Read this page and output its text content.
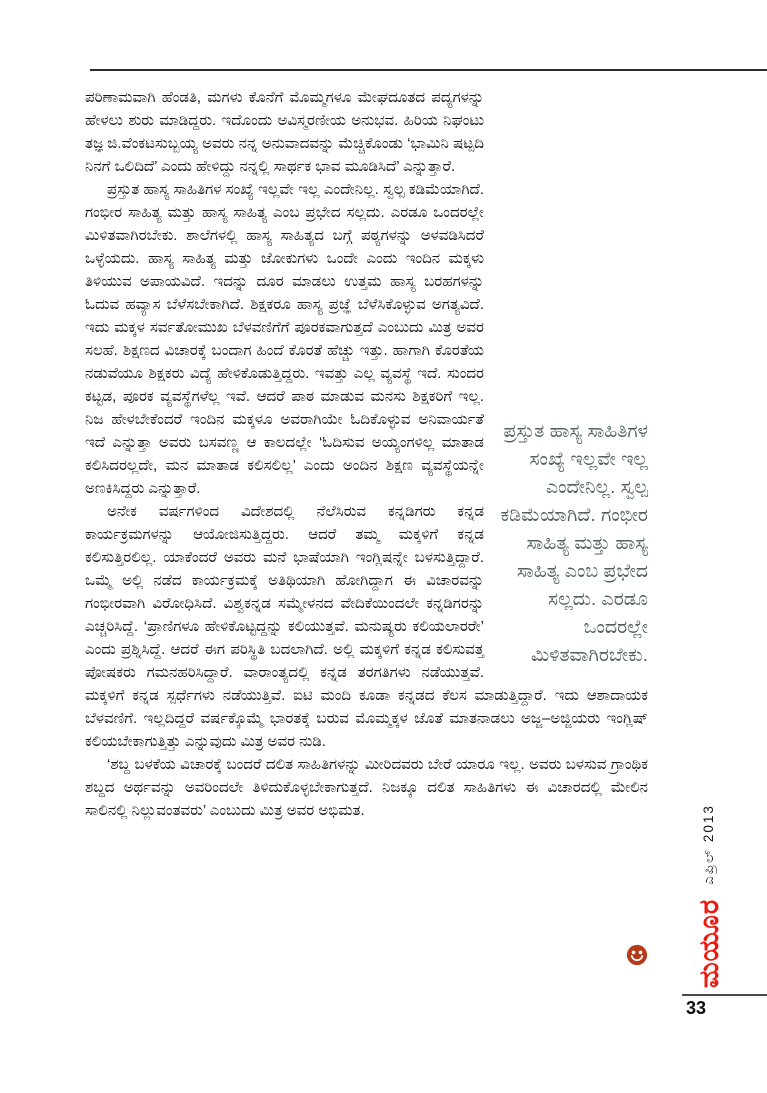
ಪ್ರಸ್ತುತ ಹಾಸ್ಯ ಸಾಹಿತಿಗಳ ಸಂಖ್ಯೆ ಇಲ್ಲವೇ ಇಲ್ಲ ಎಂದೇನಿಲ್ಲ. ಸ್ವಲ್ಪ ಕಡಿಮೆಯಾಗಿದೆ. ಗಂಭೀರ ಸಾಹಿತ್ಯ ಮತ್ತು ಹಾಸ್ಯ ಸಾಹಿತ್ಯ ಎಂಬ ಪ್ರಭೇದ ಸಲ್ಲದು. ಎರಡೂ ಒಂದರಲ್ಲೇ ಮಿಳಿತವಾಗಿರಬೇಕು.

ಪರಿಣಾಮವಾಗಿ ಹೆಂಡತಿ, ಮಗಳು ಕೊನೆಗೆ ಮೊಮ್ಮಗಳೂ ಮೇಘದೂತದ ಪದ್ಯಗಳನ್ನು ಹೇಳಲು ಶುರು ಮಾಡಿದ್ದರು. ಇದೊಂದು ಅವಿಸ್ಮರಣೀಯ ಅನುಭವ. ಹಿರಿಯ ನಿಘಂಟು ತಜ್ಞ ಜಿ.ವೆಂಕಟಸುಬ್ಬಯ್ಯ ಅವರು ನನ್ನ ಅನುವಾದವನ್ನು ಮೆಚ್ಚಿಕೊಂಡು ‘ಭಾಮಿನಿ ಷಟ್ಪದಿ ನಿನಗೆ ಒಲಿದಿದೆ’ ಎಂದು ಹೇಳಿದ್ದು ನನ್ನಲ್ಲಿ ಸಾರ್ಥಕ ಭಾವ ಮೂಡಿಸಿದೆ’ ಎನ್ನುತ್ತಾರೆ.

ಪ್ರಸ್ತುತ ಹಾಸ್ಯ ಸಾಹಿತಿಗಳ ಸಂಖ್ಯೆ ಇಲ್ಲವೇ ಇಲ್ಲ ಎಂದೇನಿಲ್ಲ. ಸ್ವಲ್ಪ ಕಡಿಮೆಯಾಗಿದೆ. ಗಂಭೀರ ಸಾಹಿತ್ಯ ಮತ್ತು ಹಾಸ್ಯ ಸಾಹಿತ್ಯ ಎಂಬ ಪ್ರಭೇದ ಸಲ್ಲದು. ಎರಡೂ ಒಂದರಲ್ಲೇ ಮಿಳಿತವಾಗಿರಬೇಕು. ಶಾಲೆಗಳಲ್ಲಿ ಹಾಸ್ಯ ಸಾಹಿತ್ಯದ ಬಗ್ಗೆ ಪಠ್ಯಗಳನ್ನು ಅಳವಡಿಸಿದರೆ ಒಳ್ಳೆಯದು. ಹಾಸ್ಯ ಸಾಹಿತ್ಯ ಮತ್ತು ಜೋಕುಗಳು ಒಂದೇ ಎಂದು ಇಂದಿನ ಮಕ್ಕಳು ತಿಳಿಯುವ ಅಪಾಯವಿದೆ. ಇದನ್ನು ದೂರ ಮಾಡಲು ಉತ್ತಮ ಹಾಸ್ಯ ಬರಹಗಳನ್ನು ಓದುವ ಹವ್ಯಾಸ ಬೆಳೆಸಬೇಕಾಗಿದೆ. ಶಿಕ್ಷಕರೂ ಹಾಸ್ಯ ಪ್ರಜ್ಞೆ ಬೆಳೆಸಿಕೊಳ್ಳುವ ಅಗತ್ಯವಿದೆ. ಇದು ಮಕ್ಕಳ ಸರ್ವತೋಮುಖ ಬೆಳವಣಿಗೆಗೆ ಪೂರಕವಾಗುತ್ತದೆ ಎಂಬುದು ಮಿತ್ರ ಅವರ ಸಲಹೆ. ಶಿಕ್ಷಣದ ವಿಚಾರಕ್ಕೆ ಬಂದಾಗ ಹಿಂದೆ ಕೊರತೆ ಹೆಚ್ಚು ಇತ್ತು. ಹಾಗಾಗಿ ಕೊರತೆಯ ನಡುವೆಯೂ ಶಿಕ್ಷಕರು ವಿದ್ಯೆ ಹೇಳಿಕೊಡುತ್ತಿದ್ದರು. ಇವತ್ತು ಎಲ್ಲ ವ್ಯವಸ್ಥೆ ಇದೆ. ಸುಂದರ ಕಟ್ಟಡ, ಪೂರಕ ವ್ಯವಸ್ಥೆಗಳೆಲ್ಲ ಇವೆ. ಆದರೆ ಪಾಠ ಮಾಡುವ ಮನಸು ಶಿಕ್ಷಕರಿಗೆ ಇಲ್ಲ. ನಿಜ ಹೇಳಬೇಕೆಂದರೆ ಇಂದಿನ ಮಕ್ಕಳೂ ಅವರಾಗಿಯೇ ಓದಿಕೊಳ್ಳುವ ಅನಿವಾರ್ಯತೆ ಇದೆ ಎನ್ನುತ್ತಾ ಅವರು ಬಸವಣ್ಣ ಆ ಕಾಲದಲ್ಲೇ ‘ಓದಿಸುವ ಅಯ್ಯಂಗಳಿಲ್ಲ ಮಾತಾಡ ಕಲಿಸಿದರಲ್ಲದೇ, ಮನ ಮಾತಾಡ ಕಲಿಸಲಿಲ್ಲ’ ಎಂದು ಅಂದಿನ ಶಿಕ್ಷಣ ವ್ಯವಸ್ಥೆಯನ್ನೇ ಅಣಕಿಸಿದ್ದರು ಎನ್ನುತ್ತಾರೆ.

ಅನೇಕ ವರ್ಷಗಳಿಂದ ವಿದೇಶದಲ್ಲಿ ನೆಲೆಸಿರುವ ಕನ್ನಡಿಗರು ಕನ್ನಡ ಕಾರ್ಯಕ್ರಮಗಳನ್ನು ಆಯೋಜಿಸುತ್ತಿದ್ದರು. ಆದರೆ ತಮ್ಮ ಮಕ್ಕಳಿಗೆ ಕನ್ನಡ ಕಲಿಸುತ್ತಿರಲಿಲ್ಲ. ಯಾಕೆಂದರೆ ಅವರು ಮನೆ ಭಾಷೆಯಾಗಿ ಇಂಗ್ಲಿಷನ್ನೇ ಬಳಸುತ್ತಿದ್ದಾರೆ. ಒಮ್ಮೆ ಅಲ್ಲಿ ನಡೆದ ಕಾರ್ಯಕ್ರಮಕ್ಕೆ ಅತಿಥಿಯಾಗಿ ಹೋಗಿದ್ದಾಗ ಈ ವಿಚಾರವನ್ನು ಗಂಭೀರವಾಗಿ ವಿರೋಧಿಸಿದೆ. ವಿಶ್ವಕನ್ನಡ ಸಮ್ಮೇಳನದ ವೇದಿಕೆಯಿಂದಲೇ ಕನ್ನಡಿಗರನ್ನು ಎಚ್ಚರಿಸಿದ್ದೆ. ‘ಪ್ರಾಣಿಗಳೂ ಹೇಳಿಕೊಟ್ಟದ್ದನ್ನು ಕಲಿಯುತ್ತವೆ. ಮನುಷ್ಯರು ಕಲಿಯಲಾರರೇ’ ಎಂದು ಪ್ರಶ್ನಿಸಿದ್ದೆ. ಆದರೆ ಈಗ ಪರಿಸ್ಥಿತಿ ಬದಲಾಗಿದೆ. ಅಲ್ಲಿ ಮಕ್ಕಳಿಗೆ ಕನ್ನಡ ಕಲಿಸುವತ್ತ ಪೋಷಕರು ಗಮನಹರಿಸಿದ್ದಾರೆ. ವಾರಾಂತ್ಯದಲ್ಲಿ ಕನ್ನಡ ತರಗತಿಗಳು ನಡೆಯುತ್ತವೆ. ಮಕ್ಕಳಿಗೆ ಕನ್ನಡ ಸ್ಪರ್ಧೆಗಳು ನಡೆಯುತ್ತಿವೆ. ಐಟಿ ಮಂದಿ ಕೂಡಾ ಕನ್ನಡದ ಕೆಲಸ ಮಾಡುತ್ತಿದ್ದಾರೆ. ಇದು ಆಶಾದಾಯಕ ಬೆಳವಣಿಗೆ. ಇಲ್ಲದಿದ್ದರೆ ವರ್ಷಕ್ಕೊಮ್ಮೆ ಭಾರತಕ್ಕೆ ಬರುವ ಮೊಮ್ಮಕ್ಕಳ ಜೊತೆ ಮಾತನಾಡಲು ಅಜ್ಜ–ಅಜ್ಜಿಯರು ಇಂಗ್ಲಿಷ್ ಕಲಿಯಬೇಕಾಗುತ್ತಿತ್ತು ಎನ್ನುವುದು ಮಿತ್ರ ಅವರ ನುಡಿ.

‘ಶಬ್ದ ಬಳಕೆಯ ವಿಚಾರಕ್ಕೆ ಬಂದರೆ ದಲಿತ ಸಾಹಿತಿಗಳನ್ನು ಮೀರಿದವರು ಬೇರೆ ಯಾರೂ ಇಲ್ಲ. ಅವರು ಬಳಸುವ ಗ್ರಾಂಥಿಕ ಶಬ್ದದ ಅರ್ಥವನ್ನು ಅವರಿಂದಲೇ ತಿಳಿದುಕೊಳ್ಳಬೇಕಾಗುತ್ತದೆ. ನಿಜಕ್ಕೂ ದಲಿತ ಸಾಹಿತಿಗಳು ಈ ವಿಚಾರದಲ್ಲಿ ಮೇಲಿನ ಸಾಲಿನಲ್ಲಿ ನಿಲ್ಲುವಂತವರು’ ಎಂಬುದು ಮಿತ್ರ ಅವರ ಅಭಿಮತ.

ಮಯೂರ
ಎಪ್ರಿಲ್ 2013
33
